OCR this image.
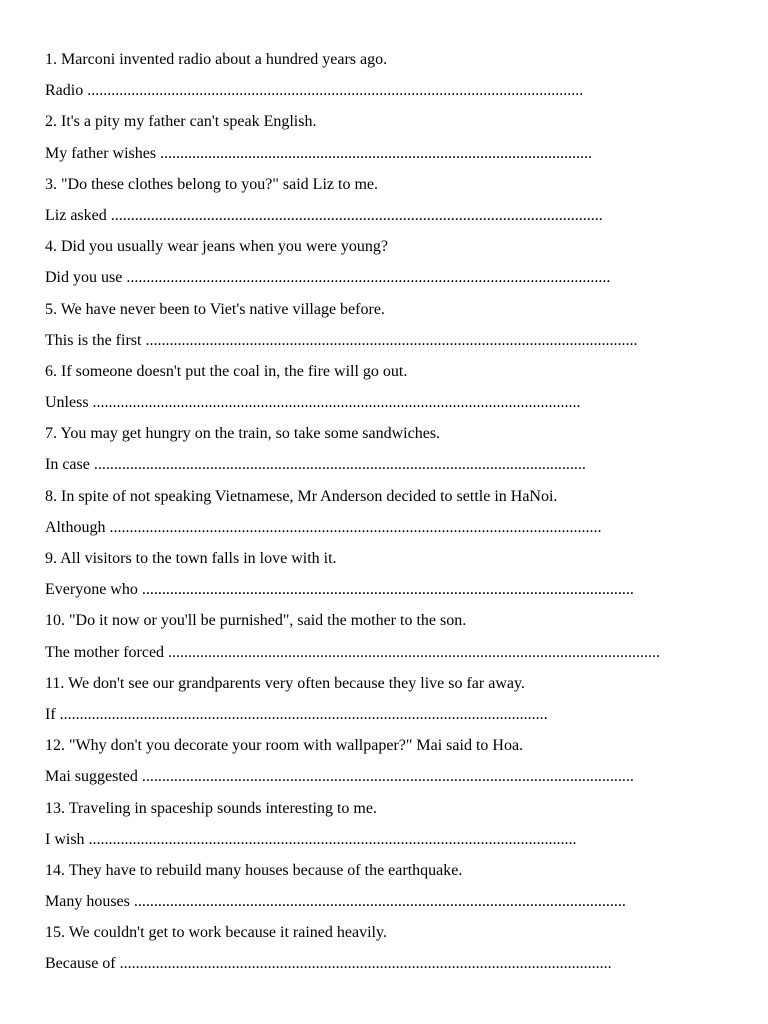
1. Marconi invented radio about a hundred years ago.
Radio ............................................................................................................................
2. It's a pity my father can't speak English.
My father wishes ............................................................................................................
3. "Do these clothes belong to you?" said Liz to me.
Liz asked ...........................................................................................................................
4. Did you usually wear jeans when you were young?
Did you use .........................................................................................................................
5. We have never been to Viet's native village before.
This is the first ...........................................................................................................................
6. If someone doesn't put the coal in, the fire will go out.
Unless ..........................................................................................................................
7. You may get hungry on the train, so take some sandwiches.
In case ...........................................................................................................................
8. In spite of not speaking Vietnamese, Mr Anderson decided to settle in HaNoi.
Although ...........................................................................................................................
9. All visitors to the town falls in love with it.
Everyone who ...........................................................................................................................
10. "Do it now or you'll be purnished", said the mother to the son.
The mother forced ...........................................................................................................................
11. We don't see our grandparents very often because they live so far away.
If ..........................................................................................................................
12. "Why don't you decorate your room with wallpaper?" Mai said to Hoa.
Mai suggested ...........................................................................................................................
13. Traveling in spaceship sounds interesting to me.
I wish ..........................................................................................................................
14. They have to rebuild many houses because of the earthquake.
Many houses ...........................................................................................................................
15. We couldn't get to work because it rained heavily.
Because of ...........................................................................................................................
